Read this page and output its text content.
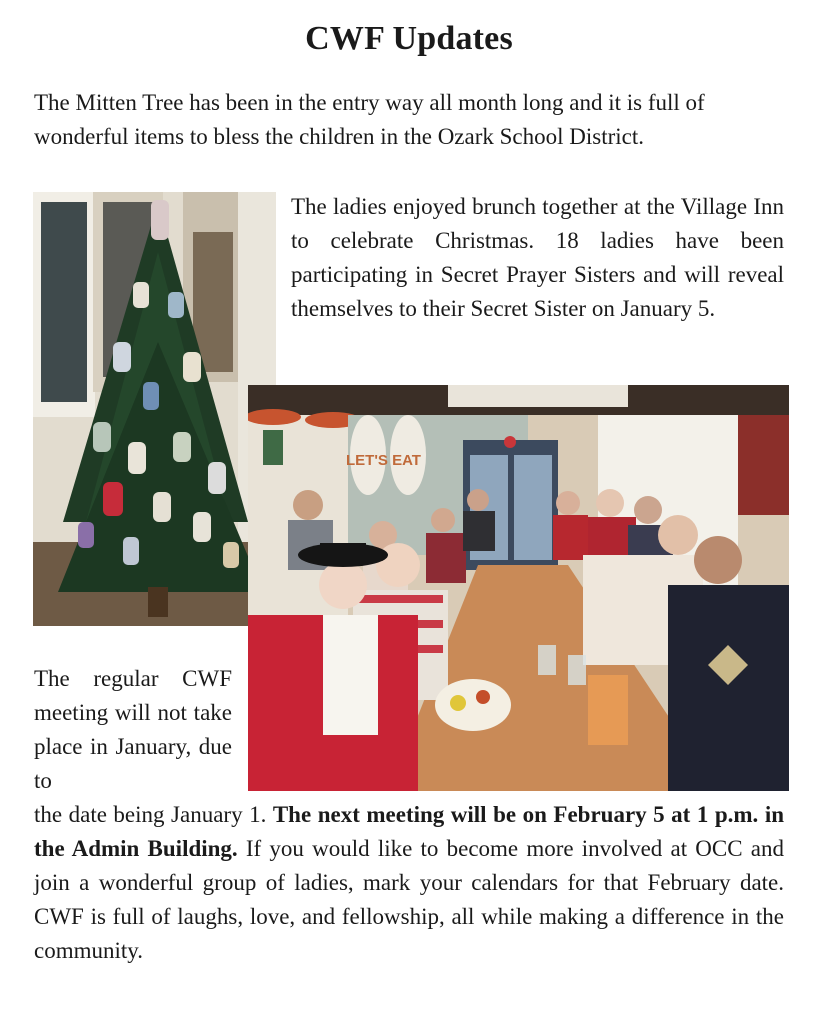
CWF Updates

The Mitten Tree has been in the entry way all month long and it is full of wonderful items to bless the children in the Ozark School District.

The ladies enjoyed brunch together at the Village Inn to celebrate Christmas. 18 ladies have been participating in Secret Prayer Sisters and will reveal themselves to their Secret Sister on January 5.

LET'S EAT

The regular CWF meeting will not take place in January, due to

the date being January 1. The next meeting will be on February 5 at 1 p.m. in the Admin Building. If you would like to become more involved at OCC and join a wonderful group of ladies, mark your calendars for that February date. CWF is full of laughs, love, and fellowship, all while making a difference in the community.
